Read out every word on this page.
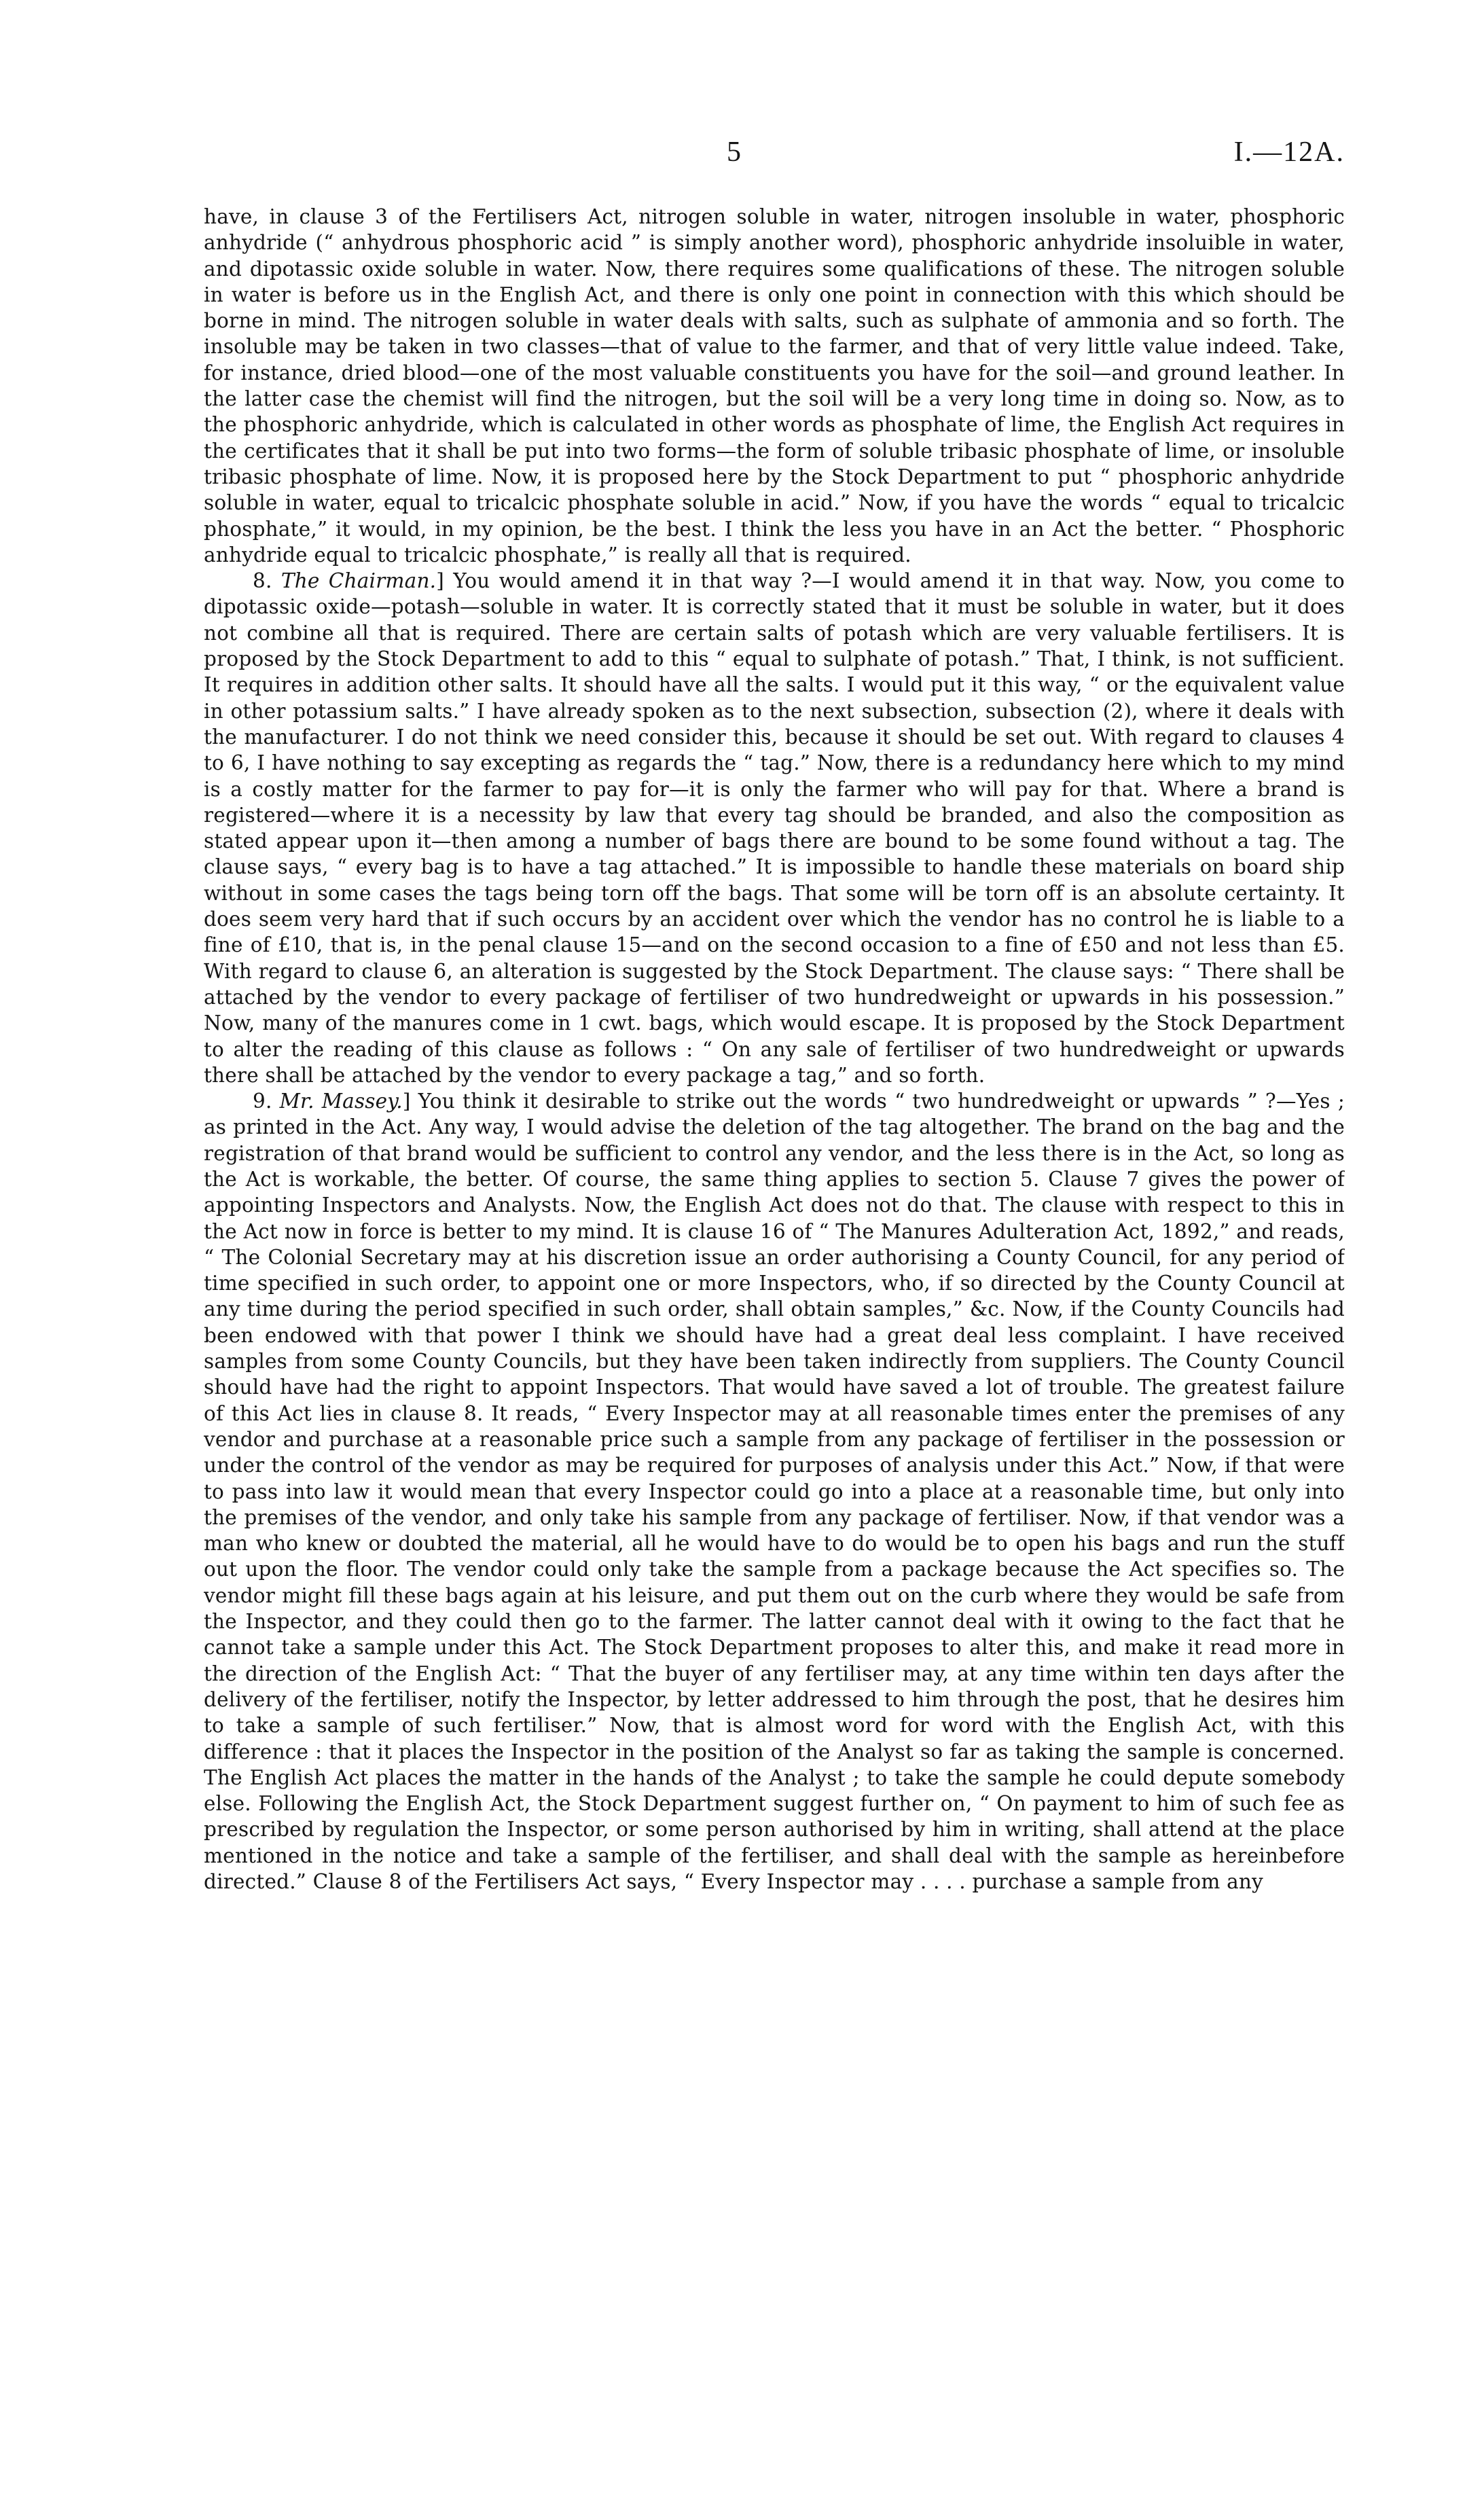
5	I.—12A.

have, in clause 3 of the Fertilisers Act, nitrogen soluble in water, nitrogen insoluble in water, phosphoric anhydride (“ anhydrous phosphoric acid ” is simply another word), phosphoric anhydride insoluible in water, and dipotassic oxide soluble in water. Now, there requires some qualifications of these. The nitrogen soluble in water is before us in the English Act, and there is only one point in connection with this which should be borne in mind. The nitrogen soluble in water deals with salts, such as sulphate of ammonia and so forth. The insoluble may be taken in two classes—that of value to the farmer, and that of very little value indeed. Take, for instance, dried blood—one of the most valuable constituents you have for the soil—and ground leather. In the latter case the chemist will find the nitrogen, but the soil will be a very long time in doing so. Now, as to the phosphoric anhydride, which is calculated in other words as phosphate of lime, the English Act requires in the certificates that it shall be put into two forms—the form of soluble tribasic phosphate of lime, or insoluble tribasic phosphate of lime. Now, it is proposed here by the Stock Department to put “ phosphoric anhydride soluble in water, equal to tricalcic phosphate soluble in acid.” Now, if you have the words “ equal to tricalcic phosphate,” it would, in my opinion, be the best. I think the less you have in an Act the better. “ Phosphoric anhydride equal to tricalcic phosphate,” is really all that is required.

8. The Chairman.] You would amend it in that way ?—I would amend it in that way. Now, you come to dipotassic oxide—potash—soluble in water. It is correctly stated that it must be soluble in water, but it does not combine all that is required. There are certain salts of potash which are very valuable fertilisers. It is proposed by the Stock Department to add to this “ equal to sulphate of potash.” That, I think, is not sufficient. It requires in addition other salts. It should have all the salts. I would put it this way, “ or the equivalent value in other potassium salts.” I have already spoken as to the next subsection, subsection (2), where it deals with the manufacturer. I do not think we need consider this, because it should be set out. With regard to clauses 4 to 6, I have nothing to say excepting as regards the “ tag.” Now, there is a redundancy here which to my mind is a costly matter for the farmer to pay for—it is only the farmer who will pay for that. Where a brand is registered—where it is a necessity by law that every tag should be branded, and also the composition as stated appear upon it—then among a number of bags there are bound to be some found without a tag. The clause says, “ every bag is to have a tag attached.” It is impossible to handle these materials on board ship without in some cases the tags being torn off the bags. That some will be torn off is an absolute certainty. It does seem very hard that if such occurs by an accident over which the vendor has no control he is liable to a fine of £10, that is, in the penal clause 15—and on the second occasion to a fine of £50 and not less than £5. With regard to clause 6, an alteration is suggested by the Stock Department. The clause says: “ There shall be attached by the vendor to every package of fertiliser of two hundredweight or upwards in his possession.” Now, many of the manures come in 1 cwt. bags, which would escape. It is proposed by the Stock Department to alter the reading of this clause as follows : “ On any sale of fertiliser of two hundredweight or upwards there shall be attached by the vendor to every package a tag,” and so forth.

9. Mr. Massey.] You think it desirable to strike out the words “ two hundredweight or upwards ” ?—Yes ; as printed in the Act. Any way, I would advise the deletion of the tag altogether. The brand on the bag and the registration of that brand would be sufficient to control any vendor, and the less there is in the Act, so long as the Act is workable, the better. Of course, the same thing applies to section 5. Clause 7 gives the power of appointing Inspectors and Analysts. Now, the English Act does not do that. The clause with respect to this in the Act now in force is better to my mind. It is clause 16 of “ The Manures Adulteration Act, 1892,” and reads, “ The Colonial Secretary may at his discretion issue an order authorising a County Council, for any period of time specified in such order, to appoint one or more Inspectors, who, if so directed by the County Council at any time during the period specified in such order, shall obtain samples,” &c. Now, if the County Councils had been endowed with that power I think we should have had a great deal less complaint. I have received samples from some County Councils, but they have been taken indirectly from suppliers. The County Council should have had the right to appoint Inspectors. That would have saved a lot of trouble. The greatest failure of this Act lies in clause 8. It reads, “ Every Inspector may at all reasonable times enter the premises of any vendor and purchase at a reasonable price such a sample from any package of fertiliser in the possession or under the control of the vendor as may be required for purposes of analysis under this Act.” Now, if that were to pass into law it would mean that every Inspector could go into a place at a reasonable time, but only into the premises of the vendor, and only take his sample from any package of fertiliser. Now, if that vendor was a man who knew or doubted the material, all he would have to do would be to open his bags and run the stuff out upon the floor. The vendor could only take the sample from a package because the Act specifies so. The vendor might fill these bags again at his leisure, and put them out on the curb where they would be safe from the Inspector, and they could then go to the farmer. The latter cannot deal with it owing to the fact that he cannot take a sample under this Act. The Stock Department proposes to alter this, and make it read more in the direction of the English Act: “ That the buyer of any fertiliser may, at any time within ten days after the delivery of the fertiliser, notify the Inspector, by letter addressed to him through the post, that he desires him to take a sample of such fertiliser.” Now, that is almost word for word with the English Act, with this difference : that it places the Inspector in the position of the Analyst so far as taking the sample is concerned. The English Act places the matter in the hands of the Analyst ; to take the sample he could depute somebody else. Following the English Act, the Stock Department suggest further on, “ On payment to him of such fee as prescribed by regulation the Inspector, or some person authorised by him in writing, shall attend at the place mentioned in the notice and take a sample of the fertiliser, and shall deal with the sample as hereinbefore directed.” Clause 8 of the Fertilisers Act says, “ Every Inspector may . . . . purchase a sample from any
